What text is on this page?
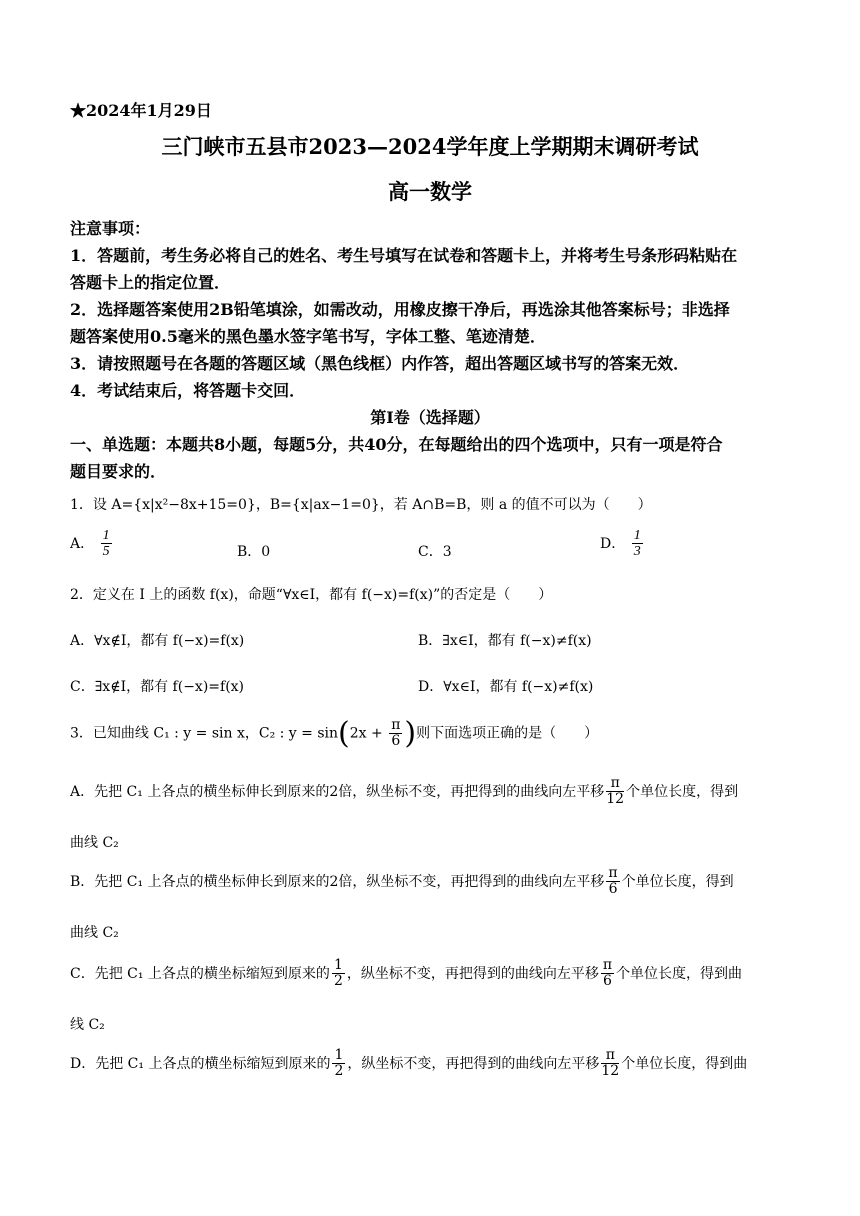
★2024年1月29日
三门峡市五县市2023—2024学年度上学期期末调研考试
高一数学
注意事项：
1．答题前，考生务必将自己的姓名、考生号填写在试卷和答题卡上，并将考生号条形码粘贴在
答题卡上的指定位置．
2．选择题答案使用2B铅笔填涂，如需改动，用橡皮擦干净后，再选涂其他答案标号；非选择
题答案使用0.5毫米的黑色墨水签字笔书写，字体工整、笔迹清楚．
3．请按照题号在各题的答题区域（黑色线框）内作答，超出答题区域书写的答案无效．
4．考试结束后，将答题卡交回．
第Ⅰ卷（选择题）
一、单选题：本题共8小题，每题5分，共40分，在每题给出的四个选项中，只有一项是符合
题目要求的．
1．设 A={x|x²−8x+15=0}，B={x|ax−1=0}，若 A∩B=B，则 a 的值不可以为（　　）
A． $\frac{1}{5}$	B．0	C．3
D． $\frac{1}{3}$
2．定义在 I 上的函数 f(x)，命题“∀x∈I，都有 f(−x)=f(x)”的否定是（　　）
A．∀x∉I，都有 f(−x)=f(x)	B．∃x∈I，都有 f(−x)≠f(x)
C．∃x∉I，都有 f(−x)=f(x)	D．∀x∈I，都有 f(−x)≠f(x)
3．已知曲线 C₁ : y = sin x，C₂ : $y = \sin(2x + \frac{\pi}{6}$ )则下面选项正确的是（　　）
A．先把 C₁ 上各点的横坐标伸长到原来的2倍，纵坐标不变，再把得到的曲线向左平移 $\frac{\pi}{12}$ 个单位长度，得到
曲线 C₂
B．先把 C₁ 上各点的横坐标伸长到原来的2倍，纵坐标不变，再把得到的曲线向左平移 $\frac{\pi}{6}$ 个单位长度，得到
曲线 C₂
C．先把 C₁ 上各点的横坐标缩短到原来的 $\frac{1}{2}$ ，纵坐标不变，再把得到的曲线向左平移 $\frac{\pi}{6}$ 个单位长度，得到曲
线 C₂
D．先把 C₁ 上各点的横坐标缩短到原来的 $\frac{1}{2}$ ，纵坐标不变，再把得到的曲线向左平移 $\frac{\pi}{12}$ 个单位长度，得到曲
